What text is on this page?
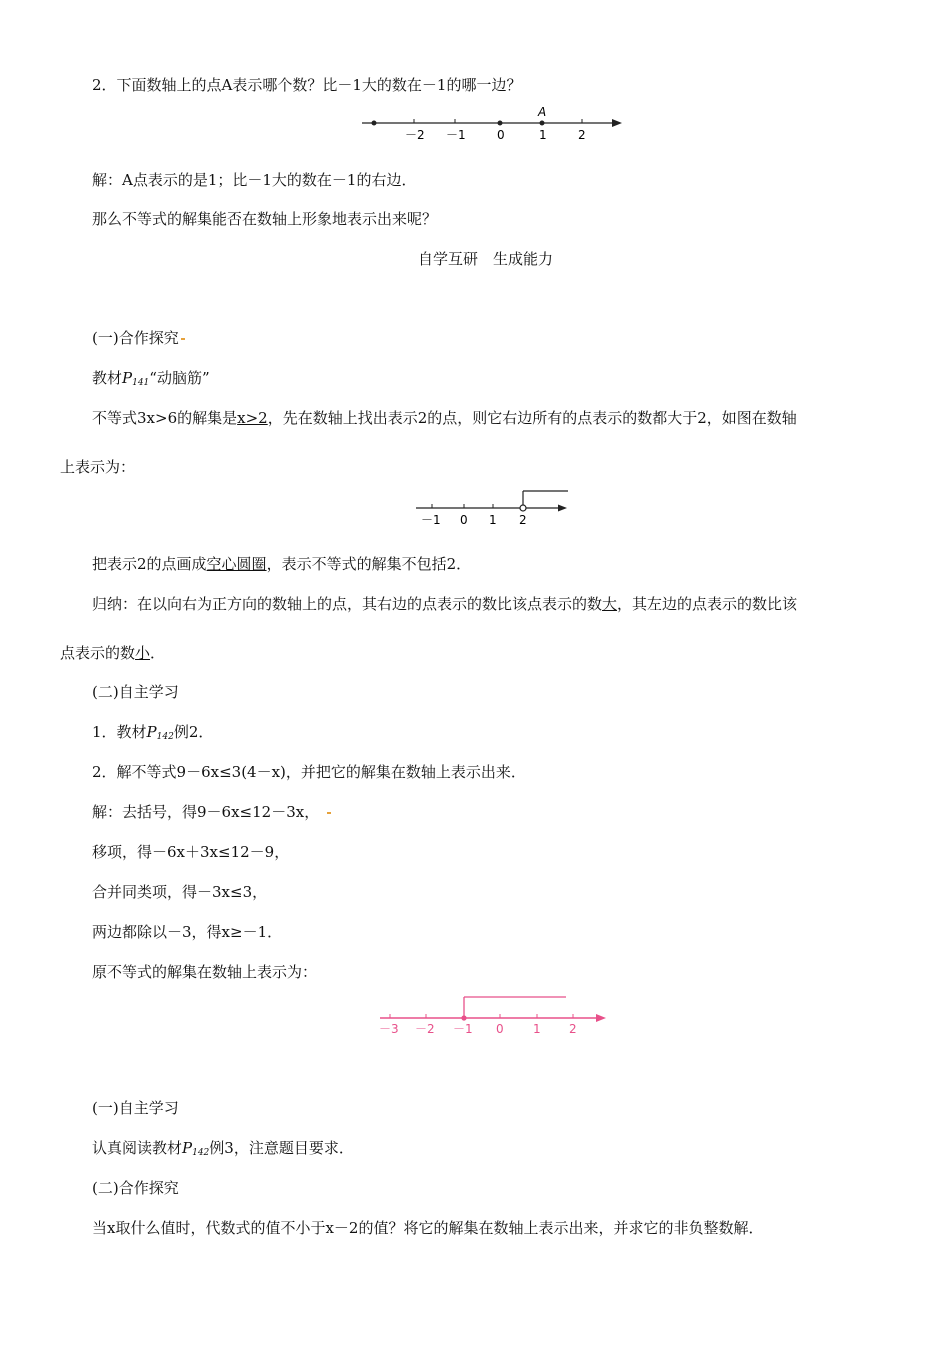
2．下面数轴上的点A表示哪个数？比－1大的数在－1的哪一边？
A
－2 －1	0	1	2
解：A点表示的是1；比－1大的数在－1的右边．
那么不等式的解集能否在数轴上形象地表示出来呢？
自学互研　生成能力
(一)合作探究
教材$P_{141}“$动脑筋”
不等式3x>6的解集是x>2，先在数轴上找出表示2的点，则它右边所有的点表示的数都大于2，如图在数轴
上表示为：
－1 0 1 2
把表示2的点画成空心圆圈，表示不等式的解集不包括2．
归纳：在以向右为正方向的数轴上的点，其右边的点表示的数比该点表示的数大，其左边的点表示的数比该
点表示的数小．
(二)自主学习
1．教材$P_{142}$例2．
2．解不等式9－6x≤3(4－x)，并把它的解集在数轴上表示出来．
解：去括号，得9－6x≤12－3x，
移项，得－6x＋3x≤12－9，
合并同类项，得－3x≤3，
两边都除以－3，得x≥－1．
原不等式的解集在数轴上表示为：
－3 －2 －1 0 1 2
(一)自主学习
认真阅读教材$P_{142}$例3，注意题目要求．
(二)合作探究
当x取什么值时，代数式的值不小于x－2的值？将它的解集在数轴上表示出来，并求它的非负整数解．
